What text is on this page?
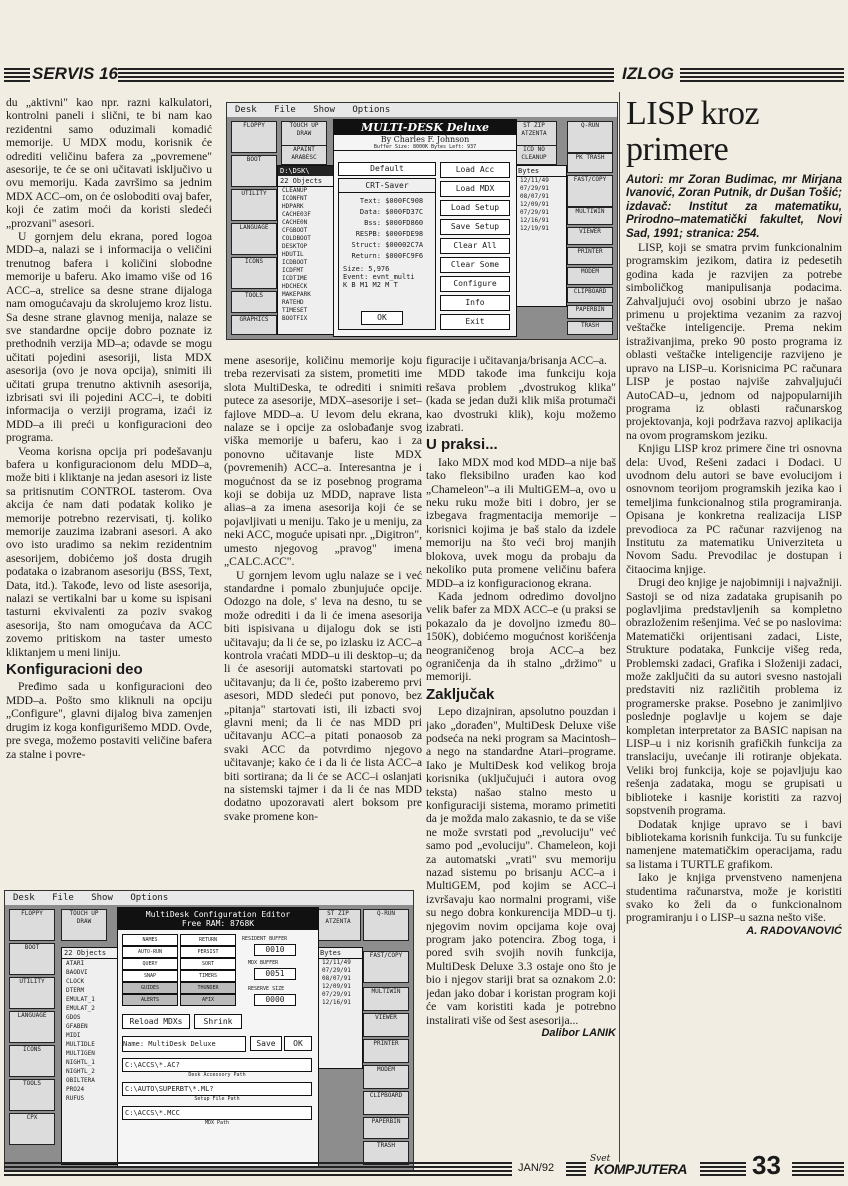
SERVIS 16	IZLOG
Desk File Show Options
FLOPPY
BOOT
UTILITY
LANGUAGE
ICONS
TOOLS
GRAPHICS
TOUCH UP DRAW
APAINT ARABESC
ST ZIP ATZENTA
ICD NO CLEANUP
Q-RUN
PK TRASH
FAST/COPY
MULTIWIN
VIEWER
PRINTER
MODEM
CLIPBOARD
PAPERBIN
TRASH
D:\DSK\
22 Objects
CLEANUP
ICONFNT
HDPARK
CACHE03F
CACHE0N
CFGBOOT
COLDBOOT
DESKTOP
HDUTIL
ICDBOOT
ICDFMT
ICDTIME
HDCHECK
MAKEPARK
RATEHD
TIMESET
BOOTFIX
Bytes
12/11/49
07/29/91
08/07/91
12/09/91
07/29/91
12/16/91
12/19/91
MULTI-DESK Deluxe
By Charles F. Johnson
Buffer Size: 8000K Bytes Left: 937
Default
CRT-Saver
Text: $000FC908
Data: $000FD37C
Bss: $000FD860
RESPB: $000FDE98
Struct: $00002C7A
Return: $000FC9F6
Size: 5,976
Event: evnt_multi
K B M1 M2 M T
OK
Load Acc
Load MDX
Load Setup
Save Setup
Clear All
Clear Some
Configure
Info
Exit
Desk File Show Options
FLOPPY
BOOT
UTILITY
LANGUAGE
ICONS
TOOLS
CPX
Q-RUN
FAST/COPY
MULTIWIN
VIEWER
PRINTER
MODEM
CLIPBOARD
PAPERBIN
TRASH
TOUCH UP DRAW
ST ZIP ATZENTA
22 Objects
ATARI
BAODVI
CLOCK
DTERM
EMULAT_1
EMULAT_2
GDOS
GFABEN
MIDI
MULTIDLE
MULTIGEN
NIGHTL_1
NIGHTL_2
OBILTERA
PRO24
RUFUS
Bytes
12/11/49
07/29/91
08/07/91
12/09/91
07/29/91
12/16/91
MultiDesk Configuration Editor
Free RAM: 8768K
NAMES	RETURN
AUTO-RUN	PERSIST
QUERY	SORT
SNAP	TIMERS
GUIDES	THUNDER
ALERTS	AFIX
RESIDENT BUFFER
0010
MDX BUFFER
0051
RESERVE SIZE
0000
Reload MDXs	Shrink
Name: MultiDesk Deluxe	Save	OK
C:\ACCS\*.AC?
Desk Accessory Path
C:\AUTO\SUPERBT\*.ML?
Setup File Path
C:\ACCS\*.MCC
MDX Path

du „aktivni" kao npr. razni kalkulatori, kontrolni paneli i slični, te bi nam kao rezidentni samo oduzimali komadić memorije. U MDX modu, korisnik će odrediti veličinu bafera za „povremene" asesorije, te će se oni učitavati isključivo u ovu memoriju. Kada završimo sa jednim MDX ACC–om, on će osloboditi ovaj bafer, koji će zatim moći da koristi sledeći „prozvani" asesori.

U gornjem delu ekrana, pored logoa MDD–a, nalazi se i informacija o veličini trenutnog bafera i količini slobodne memorije u baferu. Ako imamo više od 16 ACC–a, strelice sa desne strane dijaloga nam omogućavaju da skrolujemo kroz listu. Sa desne strane glavnog menija, nalaze se sve standardne opcije dobro poznate iz prethodnih verzija MD–a; odavde se mogu učitati pojedini asesoriji, lista MDX asesorija (ovo je nova opcija), snimiti ili učitati grupa trenutno aktivnih asesorija, izbrisati svi ili pojedini ACC–i, te dobiti informacija o verziji programa, izaći iz MDD–a ili preći u konfiguracioni deo programa.

Veoma korisna opcija pri podešavanju bafera u konfiguracionom delu MDD–a, može biti i kliktanje na jedan asesori iz liste sa pritisnutim CONTROL tasterom. Ova akcija će nam dati podatak koliko je memorije potrebno rezervisati, tj. koliko memorije zauzima izabrani asesori. A ako ovo isto uradimo sa nekim rezidentnim asesorijem, dobićemo još dosta drugih podataka o izabranom asesoriju (BSS, Text, Data, itd.). Takođe, levo od liste asesorija, nalazi se vertikalni bar u kome su ispisani tasturni ekvivalenti za poziv svakog asesorija, što nam omogućava da ACC zovemo pritiskom na taster umesto kliktanjem u meni liniju.

Konfiguracioni deo

Pređimo sada u konfiguracioni deo MDD–a. Pošto smo kliknuli na opciju „Configure", glavni dijalog biva zamenjen drugim iz koga konfigurišemo MDD. Ovde, pre svega, možemo postaviti veličine bafera za stalne i povre-

mene asesorije, količinu memorije koju treba rezervisati za sistem, prometiti ime slota MultiDeska, te odrediti i snimiti putece za asesorije, MDX–asesorije i set–fajlove MDD–a. U levom delu ekrana, nalaze se i opcije za oslobađanje svog viška memorije u baferu, kao i za ponovno učitavanje liste MDX (povremenih) ACC–a. Interesantna je i mogućnost da se iz posebnog programa koji se dobija uz MDD, naprave lista alias–a za imena asesorija koji će se pojavljivati u meniju. Tako je u meniju, za neki ACC, moguće upisati npr. „Digitron", umesto njegovog „pravog" imena „CALC.ACC".

U gornjem levom uglu nalaze se i već standardne i pomalo zbunjujuće opcije. Odozgo na dole, s' leva na desno, tu se može odrediti i da li će imena asesorija biti ispisivana u dijalogu dok se isti učitavaju; da li će se, po izlasku iz ACC–a kontrola vraćati MDD–u ili desktop–u; da li će asesoriji automatski startovati po učitavanju; da li će, pošto izaberemo prvi asesori, MDD sledeći put ponovo, bez „pitanja" startovati isti, ili izbacti svoj glavni meni; da li će nas MDD pri učitavanju ACC–a pitati ponaosob za svaki ACC da potvrdimo njegovo učitavanje; kako će i da li će lista ACC–a biti sortirana; da li će se ACC–i oslanjati na sistemski tajmer i da li će nas MDD dodatno upozoravati alert boksom pre svake promene kon-

figuracije i učitavanja/brisanja ACC–a.

MDD takođe ima funkciju koja rešava problem „dvostrukog klika" (kada se jedan duži klik miša protumači kao dvostruki klik), koju možemo izabrati.

U praksi...

Iako MDX mod kod MDD–a nije baš tako fleksibilno urađen kao kod „Chameleon"–a ili MultiGEM–a, ovo u neku ruku može biti i dobro, jer se izbegava fragmentacija memorije – korisnici kojima je baš stalo da izdele memoriju na što veći broj manjih blokova, uvek mogu da probaju da nekoliko puta promene veličinu bafera MDD–a iz konfiguracionog ekrana.

Kada jednom odredimo dovoljno velik bafer za MDX ACC–e (u praksi se pokazalo da je dovoljno između 80–150K), dobićemo mogućnost korišćenja neograničenog broja ACC–a bez ograničenja da ih stalno „držimo" u memoriji.

Zaključak

Lepo dizajniran, apsolutno pouzdan i jako „dorađen", MultiDesk Deluxe više podseća na neki program sa Macintosh–a nego na standardne Atari–programe. Iako je MultiDesk kod velikog broja korisnika (uključujući i autora ovog teksta) našao stalno mesto u konfiguraciji sistema, moramo primetiti da je možda malo zakasnio, te da se više ne može svrstati pod „revoluciju" već samo pod „evoluciju". Chameleon, koji za automatski „vrati" svu memoriju nazad sistemu po brisanju ACC–a i MultiGEM, pod kojim se ACC–i izvršavaju kao normalni programi, više su nego dobra konkurencija MDD–u tj. njegovim novim opcijama koje ovaj program jako potencira. Zbog toga, i pored svih svojih novih funkcija, MultiDesk Deluxe 3.3 ostaje ono što je bio i njegov stariji brat sa oznakom 2.0: jedan jako dobar i koristan program koji će vam koristiti kada je potrebno instalirati više od šest asesorija...

Dalibor LANIK
LISP kroz primere
Autori: mr Zoran Budimac, mr Mirjana Ivanović, Zoran Putnik, dr Dušan Tošić; izdavač: Institut za matematiku, Prirodno–matematički fakultet, Novi Sad, 1991; stranica: 254.

LISP, koji se smatra prvim funkcionalnim programskim jezikom, datira iz pedesetih godina kada je razvijen za potrebe simboličkog manipulisanja podacima. Zahvaljujući ovoj osobini ubrzo je našao primenu u projektima vezanim za razvoj veštačke inteligencije. Prema nekim istraživanjima, preko 90 posto programa iz oblasti veštačke inteligencije razvijeno je upravo na LISP–u. Korisnicima PC računara LISP je postao najviše zahvaljujući AutoCAD–u, jednom od najpopularnijih programa iz oblasti računarskog projektovanja, koji podržava razvoj aplikacija na ovom programskom jeziku.

Knjigu LISP kroz primere čine tri osnovna dela: Uvod, Rešeni zadaci i Dodaci. U uvodnom delu autori se bave evolucijom i osnovnom teorijom programskih jezika kao i temeljima funkcionalnog stila programiranja. Opisana je konkretna realizacija LISP prevodioca za PC računar razvijenog na Institutu za matematiku Univerziteta u Novom Sadu. Prevodilac je dostupan i čitaocima knjige.

Drugi deo knjige je najobimniji i najvažniji. Sastoji se od niza zadataka grupisanih po poglavljima predstavljenih sa kompletno obrazloženim rešenjima. Već se po naslovima: Matematički orijentisani zadaci, Liste, Strukture podataka, Funkcije višeg reda, Problemski zadaci, Grafika i Složeniji zadaci, može zaključiti da su autori svesno nastojali predstaviti niz različitih problema iz programerske prakse. Posebno je zanimljivo poslednje poglavlje u kojem se daje kompletan interpretator za BASIC napisan na LISP–u i niz korisnih grafičkih funkcija za translaciju, uvećanje ili rotiranje objekata. Veliki broj funkcija, koje se pojavljuju kao rešenja zadataka, mogu se grupisati u biblioteke i kasnije koristiti za razvoj sopstvenih programa.

Dodatak knjige upravo se i bavi bibliotekama korisnih funkcija. Tu su funkcije namenjene matematičkim operacijama, radu sa listama i TURTLE grafikom.

Iako je knjiga prvenstveno namenjena studentima računarstva, može je koristiti svako ko želi da o funkcionalnom programiranju i o LISP–u sazna nešto više.

A. RADOVANOVIĆ
JAN/92
Svet
KOMPJUTERA 33
